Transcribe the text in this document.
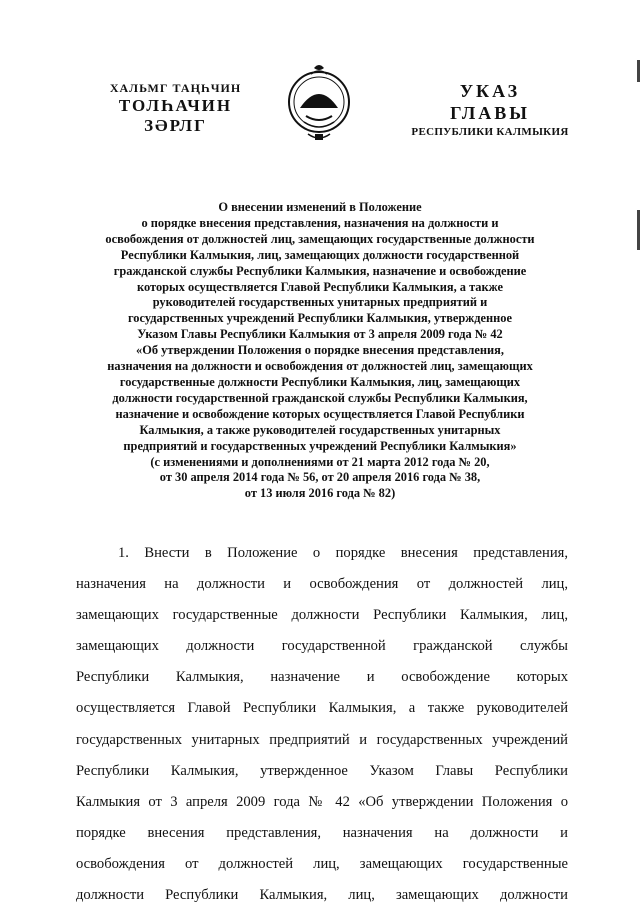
ХАЛЬМГ ТАҢҺЧИН
ТОЛҺАЧИН
ЗӘРЛГ
УКАЗ
ГЛАВЫ
РЕСПУБЛИКИ КАЛМЫКИЯ
О внесении изменений в Положение
о порядке внесения представления, назначения на должности и
освобождения от должностей лиц, замещающих государственные должности
Республики Калмыкия, лиц, замещающих должности государственной
гражданской службы Республики Калмыкия, назначение и освобождение
которых осуществляется Главой Республики Калмыкия, а также
руководителей государственных унитарных предприятий и
государственных учреждений Республики Калмыкия, утвержденное
Указом Главы Республики Калмыкия от 3 апреля 2009 года № 42
«Об утверждении Положения о порядке внесения представления,
назначения на должности и освобождения от должностей лиц, замещающих
государственные должности Республики Калмыкия, лиц, замещающих
должности государственной гражданской службы Республики Калмыкия,
назначение и освобождение которых осуществляется Главой Республики
Калмыкия, а также руководителей государственных унитарных
предприятий и государственных учреждений Республики Калмыкия»
(с изменениями и дополнениями от 21 марта 2012 года № 20,
от 30 апреля 2014 года № 56, от 20 апреля 2016 года № 38,
от 13 июля 2016 года № 82)
1. Внести в Положение о порядке внесения представления,
назначения на должности и освобождения от должностей лиц,
замещающих государственные должности Республики Калмыкия, лиц,
замещающих должности государственной гражданской службы
Республики Калмыкия, назначение и освобождение которых
осуществляется Главой Республики Калмыкия, а также руководителей
государственных унитарных предприятий и государственных учреждений
Республики Калмыкия, утвержденное Указом Главы Республики
Калмыкия от 3 апреля 2009 года № 42 «Об утверждении Положения о
порядке внесения представления, назначения на должности и
освобождения от должностей лиц, замещающих государственные
должности Республики Калмыкия, лиц, замещающих должности
